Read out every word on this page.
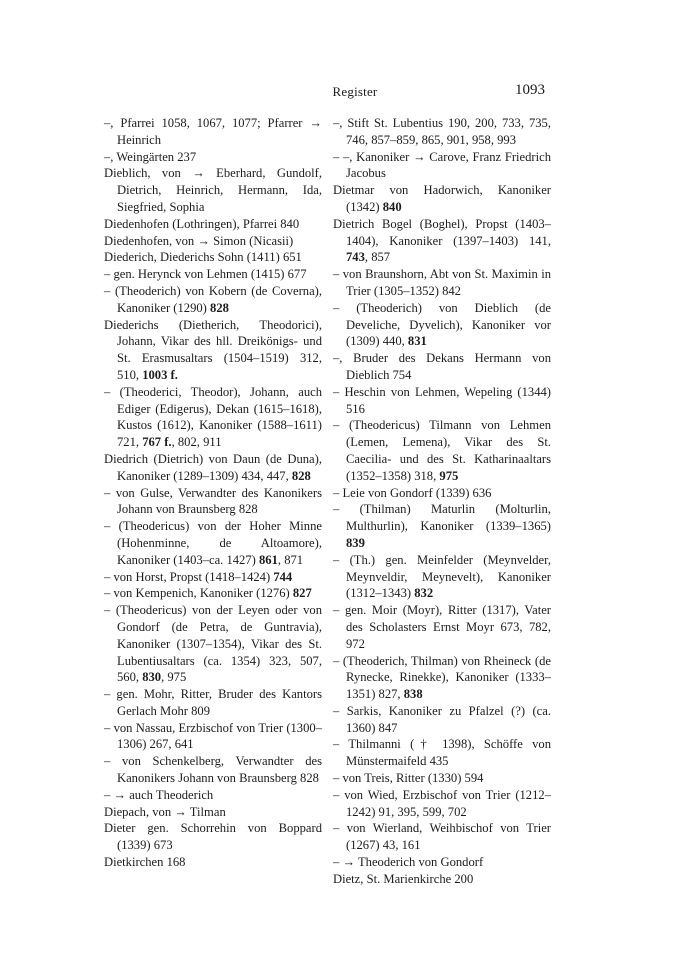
Register	1093
–, Pfarrei 1058, 1067, 1077; Pfarrer → Heinrich
–, Weingärten 237
Dieblich, von → Eberhard, Gundolf, Dietrich, Heinrich, Hermann, Ida, Siegfried, Sophia
Diedenhofen (Lothringen), Pfarrei 840
Diedenhofen, von → Simon (Nicasii)
Diederich, Diederichs Sohn (1411) 651
– gen. Herynck von Lehmen (1415) 677
– (Theoderich) von Kobern (de Coverna), Kanoniker (1290) 828
Diederichs (Dietherich, Theodorici), Johann, Vikar des hll. Dreikönigs- und St. Erasmusaltars (1504–1519) 312, 510, 1003 f.
– (Theoderici, Theodor), Johann, auch Ediger (Edigerus), Dekan (1615–1618), Kustos (1612), Kanoniker (1588–1611) 721, 767 f., 802, 911
Diedrich (Dietrich) von Daun (de Duna), Kanoniker (1289–1309) 434, 447, 828
– von Gulse, Verwandter des Kanonikers Johann von Braunsberg 828
– (Theodericus) von der Hoher Minne (Hohenminne, de Altoamore), Kanoniker (1403–ca. 1427) 861, 871
– von Horst, Propst (1418–1424) 744
– von Kempenich, Kanoniker (1276) 827
– (Theodericus) von der Leyen oder von Gondorf (de Petra, de Guntravia), Kanoniker (1307–1354), Vikar des St. Lubentiusaltars (ca. 1354) 323, 507, 560, 830, 975
– gen. Mohr, Ritter, Bruder des Kantors Gerlach Mohr 809
– von Nassau, Erzbischof von Trier (1300–1306) 267, 641
– von Schenkelberg, Verwandter des Kanonikers Johann von Braunsberg 828
– → auch Theoderich
Diepach, von → Tilman
Dieter gen. Schorrehin von Boppard (1339) 673
Dietkirchen 168
–, Stift St. Lubentius 190, 200, 733, 735, 746, 857–859, 865, 901, 958, 993
– –, Kanoniker → Carove, Franz Friedrich Jacobus
Dietmar von Hadorwich, Kanoniker (1342) 840
Dietrich Bogel (Boghel), Propst (1403–1404), Kanoniker (1397–1403) 141, 743, 857
– von Braunshorn, Abt von St. Maximin in Trier (1305–1352) 842
– (Theoderich) von Dieblich (de Develiche, Dyvelich), Kanoniker vor (1309) 440, 831
–, Bruder des Dekans Hermann von Dieblich 754
– Heschin von Lehmen, Wepeling (1344) 516
– (Theodericus) Tilmann von Lehmen (Lemen, Lemena), Vikar des St. Caecilia- und des St. Katharinaaltars (1352–1358) 318, 975
– Leie von Gondorf (1339) 636
– (Thilman) Maturlin (Molturlin, Multhurlin), Kanoniker (1339–1365) 839
– (Th.) gen. Meinfelder (Meynvelder, Meynveldir, Meynevelt), Kanoniker (1312–1343) 832
– gen. Moir (Moyr), Ritter (1317), Vater des Scholasters Ernst Moyr 673, 782, 972
– (Theoderich, Thilman) von Rheineck (de Rynecke, Rinekke), Kanoniker (1333–1351) 827, 838
– Sarkis, Kanoniker zu Pfalzel (?) (ca. 1360) 847
– Thilmanni († 1398), Schöffe von Münstermaifeld 435
– von Treis, Ritter (1330) 594
– von Wied, Erzbischof von Trier (1212–1242) 91, 395, 599, 702
– von Wierland, Weihbischof von Trier (1267) 43, 161
– → Theoderich von Gondorf
Dietz, St. Marienkirche 200
